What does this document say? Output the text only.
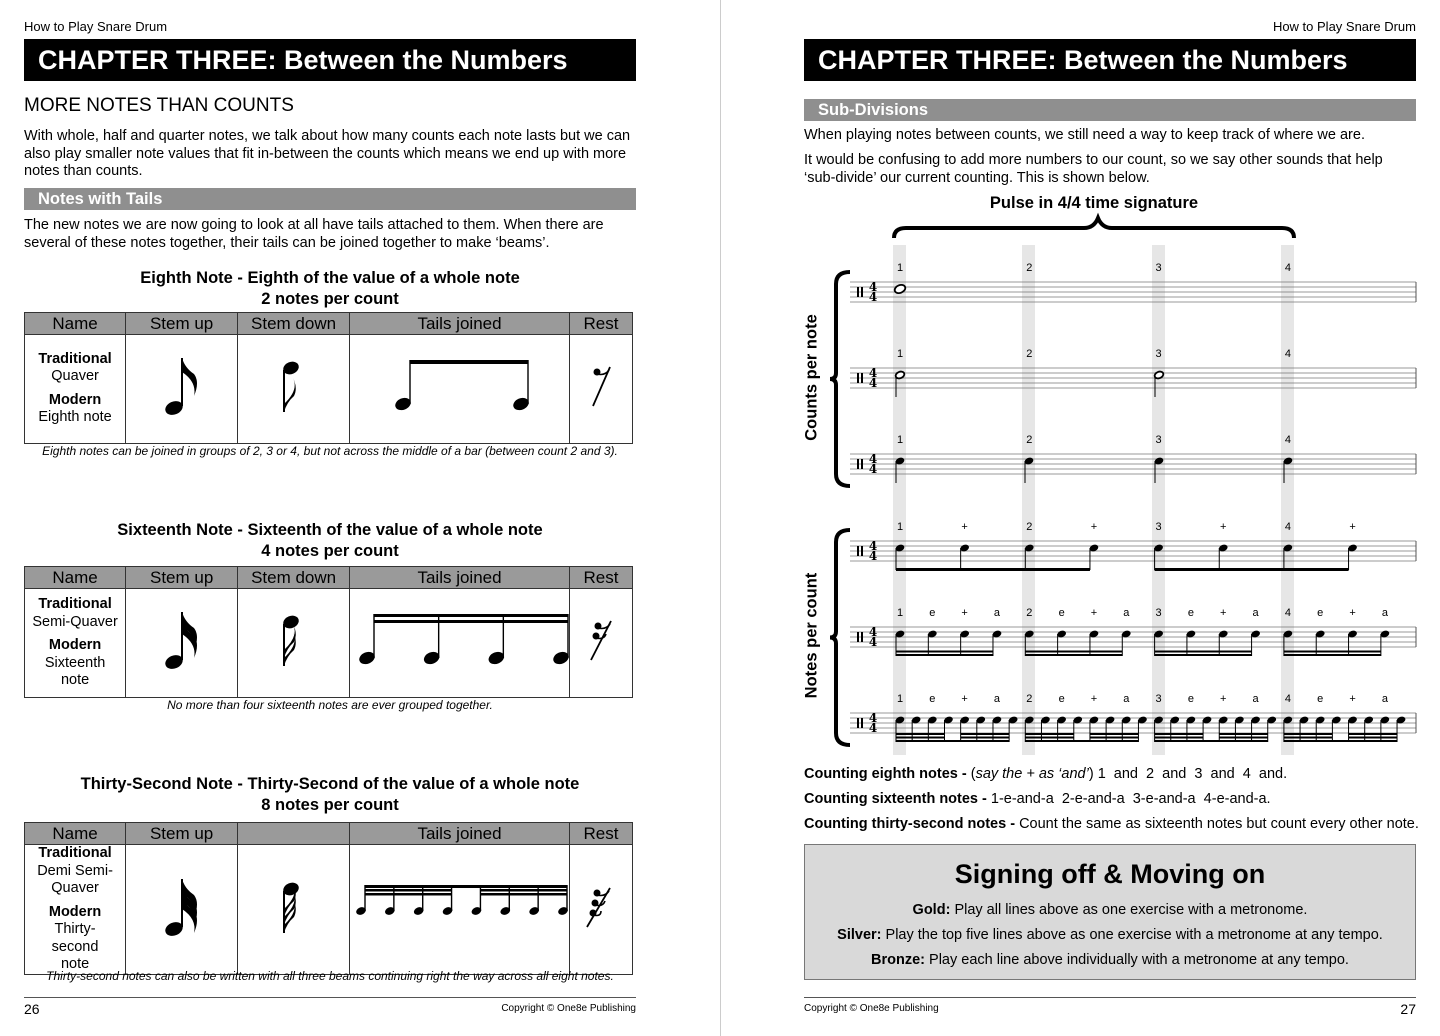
How to Play Snare Drum
CHAPTER THREE: Between the Numbers
MORE NOTES THAN COUNTS
With whole, half and quarter notes, we talk about how many counts each note lasts but we can also play smaller note values that fit in-between the counts which means we end up with more notes than counts.
Notes with Tails
The new notes we are now going to look at all have tails attached to them. When there are several of these notes together, their tails can be joined together to make ‘beams’.
Eighth Note - Eighth of the value of a whole note
2 notes per count
Name	Stem up	Stem down	Tails joined	Rest
Traditional
Quaver
Modern
Eighth note

Eighth notes can be joined in groups of 2, 3 or 4, but not across the middle of a bar (between count 2 and 3).
Sixteenth Note - Sixteenth of the value of a whole note
4 notes per count
Name	Stem up	Stem down	Tails joined	Rest
Traditional
Semi-Quaver
Modern
Sixteenth note

No more than four sixteenth notes are ever grouped together.
Thirty-Second Note - Thirty-Second of the value of a whole note
8 notes per count
Name	Stem up		Tails joined	Rest
Traditional
Demi Semi-Quaver
Modern
Thirty-second note

Thirty-second notes can also be written with all three beams continuing right the way across all eight notes.
26	Copyright © One8e Publishing
How to Play Snare Drum
CHAPTER THREE: Between the Numbers
Sub-Divisions
When playing notes between counts, we still need a way to keep track of where we are.
It would be confusing to add more numbers to our count, so we say other sounds that help ‘sub-divide’ our current counting. This is shown below.
Pulse in 4/4 time signature
Counts per note
Notes per count
4
4
4
4
4
4
4
4
4
4
4
4
1	2	3	4
1	2	3	4
1	2	3	4
1	+	2	+	3	+	4	+
1 e + a 2 e + a 3 e + a 4 e + a
1 e + a 2 e + a 3 e + a 4 e + a
Counting eighth notes - (say the + as ‘and’) 1  and  2  and  3  and  4  and.
Counting sixteenth notes - 1-e-and-a  2-e-and-a  3-e-and-a  4-e-and-a.
Counting thirty-second notes - Count the same as sixteenth notes but count every other note.
Signing off & Moving on

Gold: Play all lines above as one exercise with a metronome.

Silver: Play the top five lines above as one exercise with a metronome at any tempo.

Bronze: Play each line above individually with a metronome at any tempo.

Copyright © One8e Publishing	27
